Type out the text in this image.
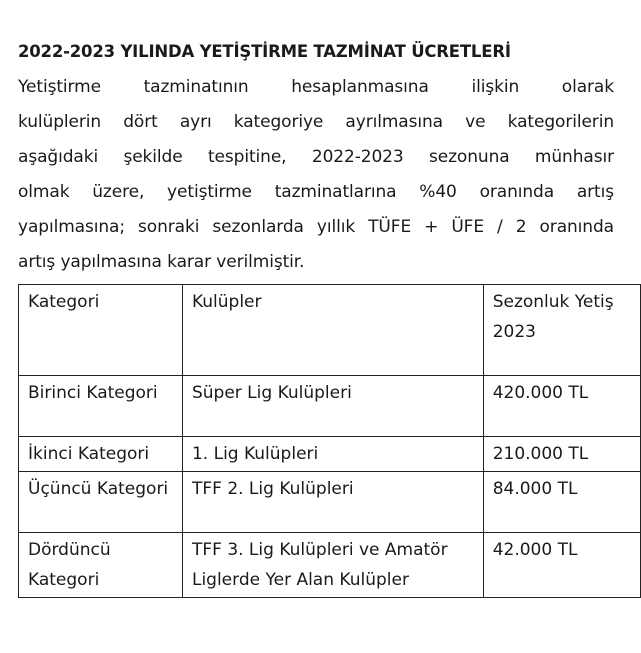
2022-2023 YILINDA YETİŞTİRME TAZMİNAT ÜCRETLERİ
Yetiştirme tazminatının hesaplanmasına ilişkin olarak
kulüplerin dört ayrı kategoriye ayrılmasına ve kategorilerin
aşağıdaki şekilde tespitine, 2022-2023 sezonuna münhasır
olmak üzere, yetiştirme tazminatlarına %40 oranında artış
yapılmasına; sonraki sezonlarda yıllık TÜFE + ÜFE / 2 oranında
artış yapılmasına karar verilmiştir.
Kategori	Kulüpler	Sezonluk Yetiş 2023
Birinci Kategori	Süper Lig Kulüpleri	420.000 TL
İkinci Kategori	1. Lig Kulüpleri	210.000 TL
Üçüncü Kategori	TFF 2. Lig Kulüpleri	84.000 TL
Dördüncü Kategori	TFF 3. Lig Kulüpleri ve Amatör Liglerde Yer Alan Kulüpler	42.000 TL
